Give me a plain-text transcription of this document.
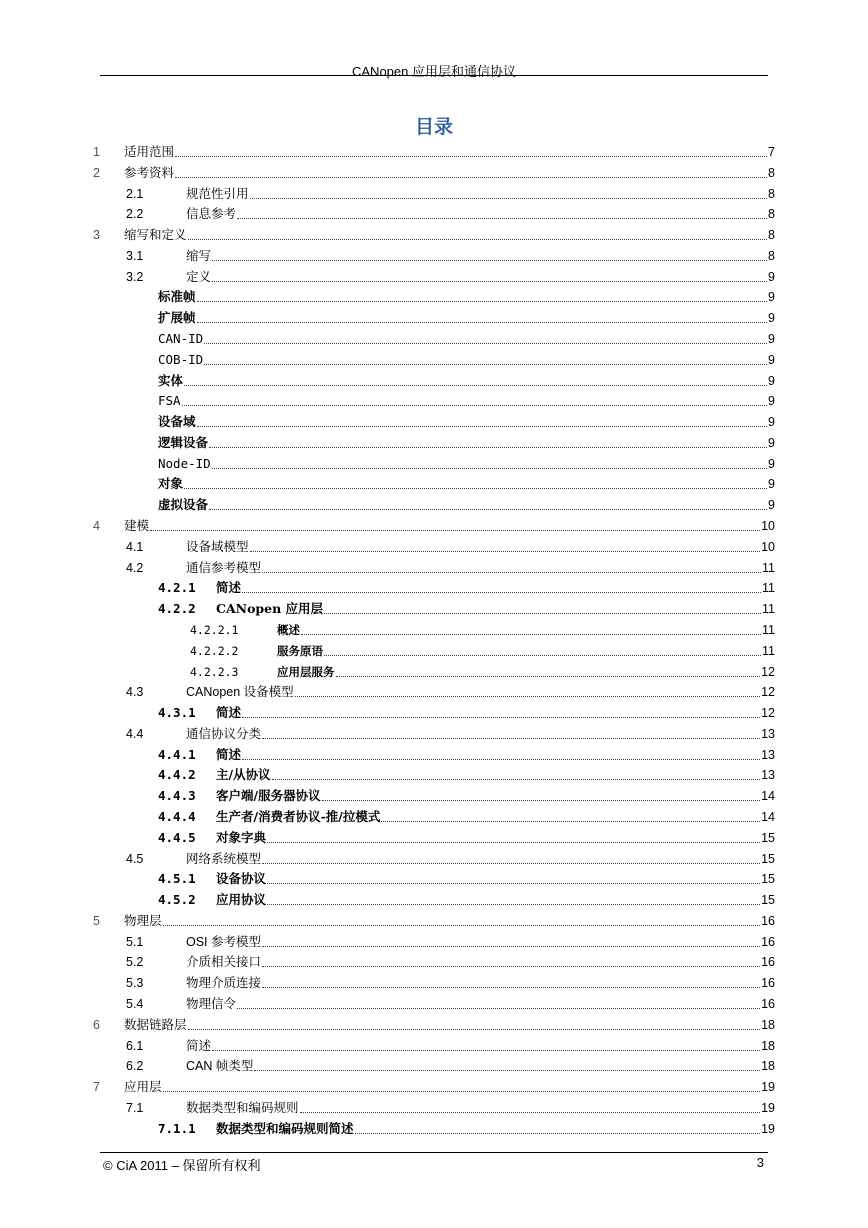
CANopen 应用层和通信协议
目录
1 适用范围	7
2 参考资料	8
2.1	规范性引用	8
2.2	信息参考	8
3 缩写和定义	8
3.1	缩写	8
3.2	定义	9
标准帧	9
扩展帧	9
CAN-ID	9
COB-ID	9
实体	9
FSA	9
设备域	9
逻辑设备	9
Node-ID	9
对象	9
虚拟设备	9
4 建模	10
4.1	设备域模型	10
4.2	通信参考模型	11
4.2.1 简述	11
4.2.2 CANopen 应用层	11
4.2.2.1	概述	11
4.2.2.2	服务原语	11
4.2.2.3	应用层服务	12
4.3	CANopen 设备模型	12
4.3.1 简述	12
4.4	通信协议分类	13
4.4.1 简述	13
4.4.2 主/从协议	13
4.4.3 客户端/服务器协议	14
4.4.4 生产者/消费者协议-推/拉模式	14
4.4.5 对象字典	15
4.5	网络系统模型	15
4.5.1 设备协议	15
4.5.2 应用协议	15
5 物理层	16
5.1	OSI 参考模型	16
5.2	介质相关接口	16
5.3	物理介质连接	16
5.4	物理信令	16
6 数据链路层	18
6.1	简述	18
6.2	CAN 帧类型	18
7 应用层	19
7.1	数据类型和编码规则	19
7.1.1 数据类型和编码规则简述	19
© CiA 2011 – 保留所有权利	3
